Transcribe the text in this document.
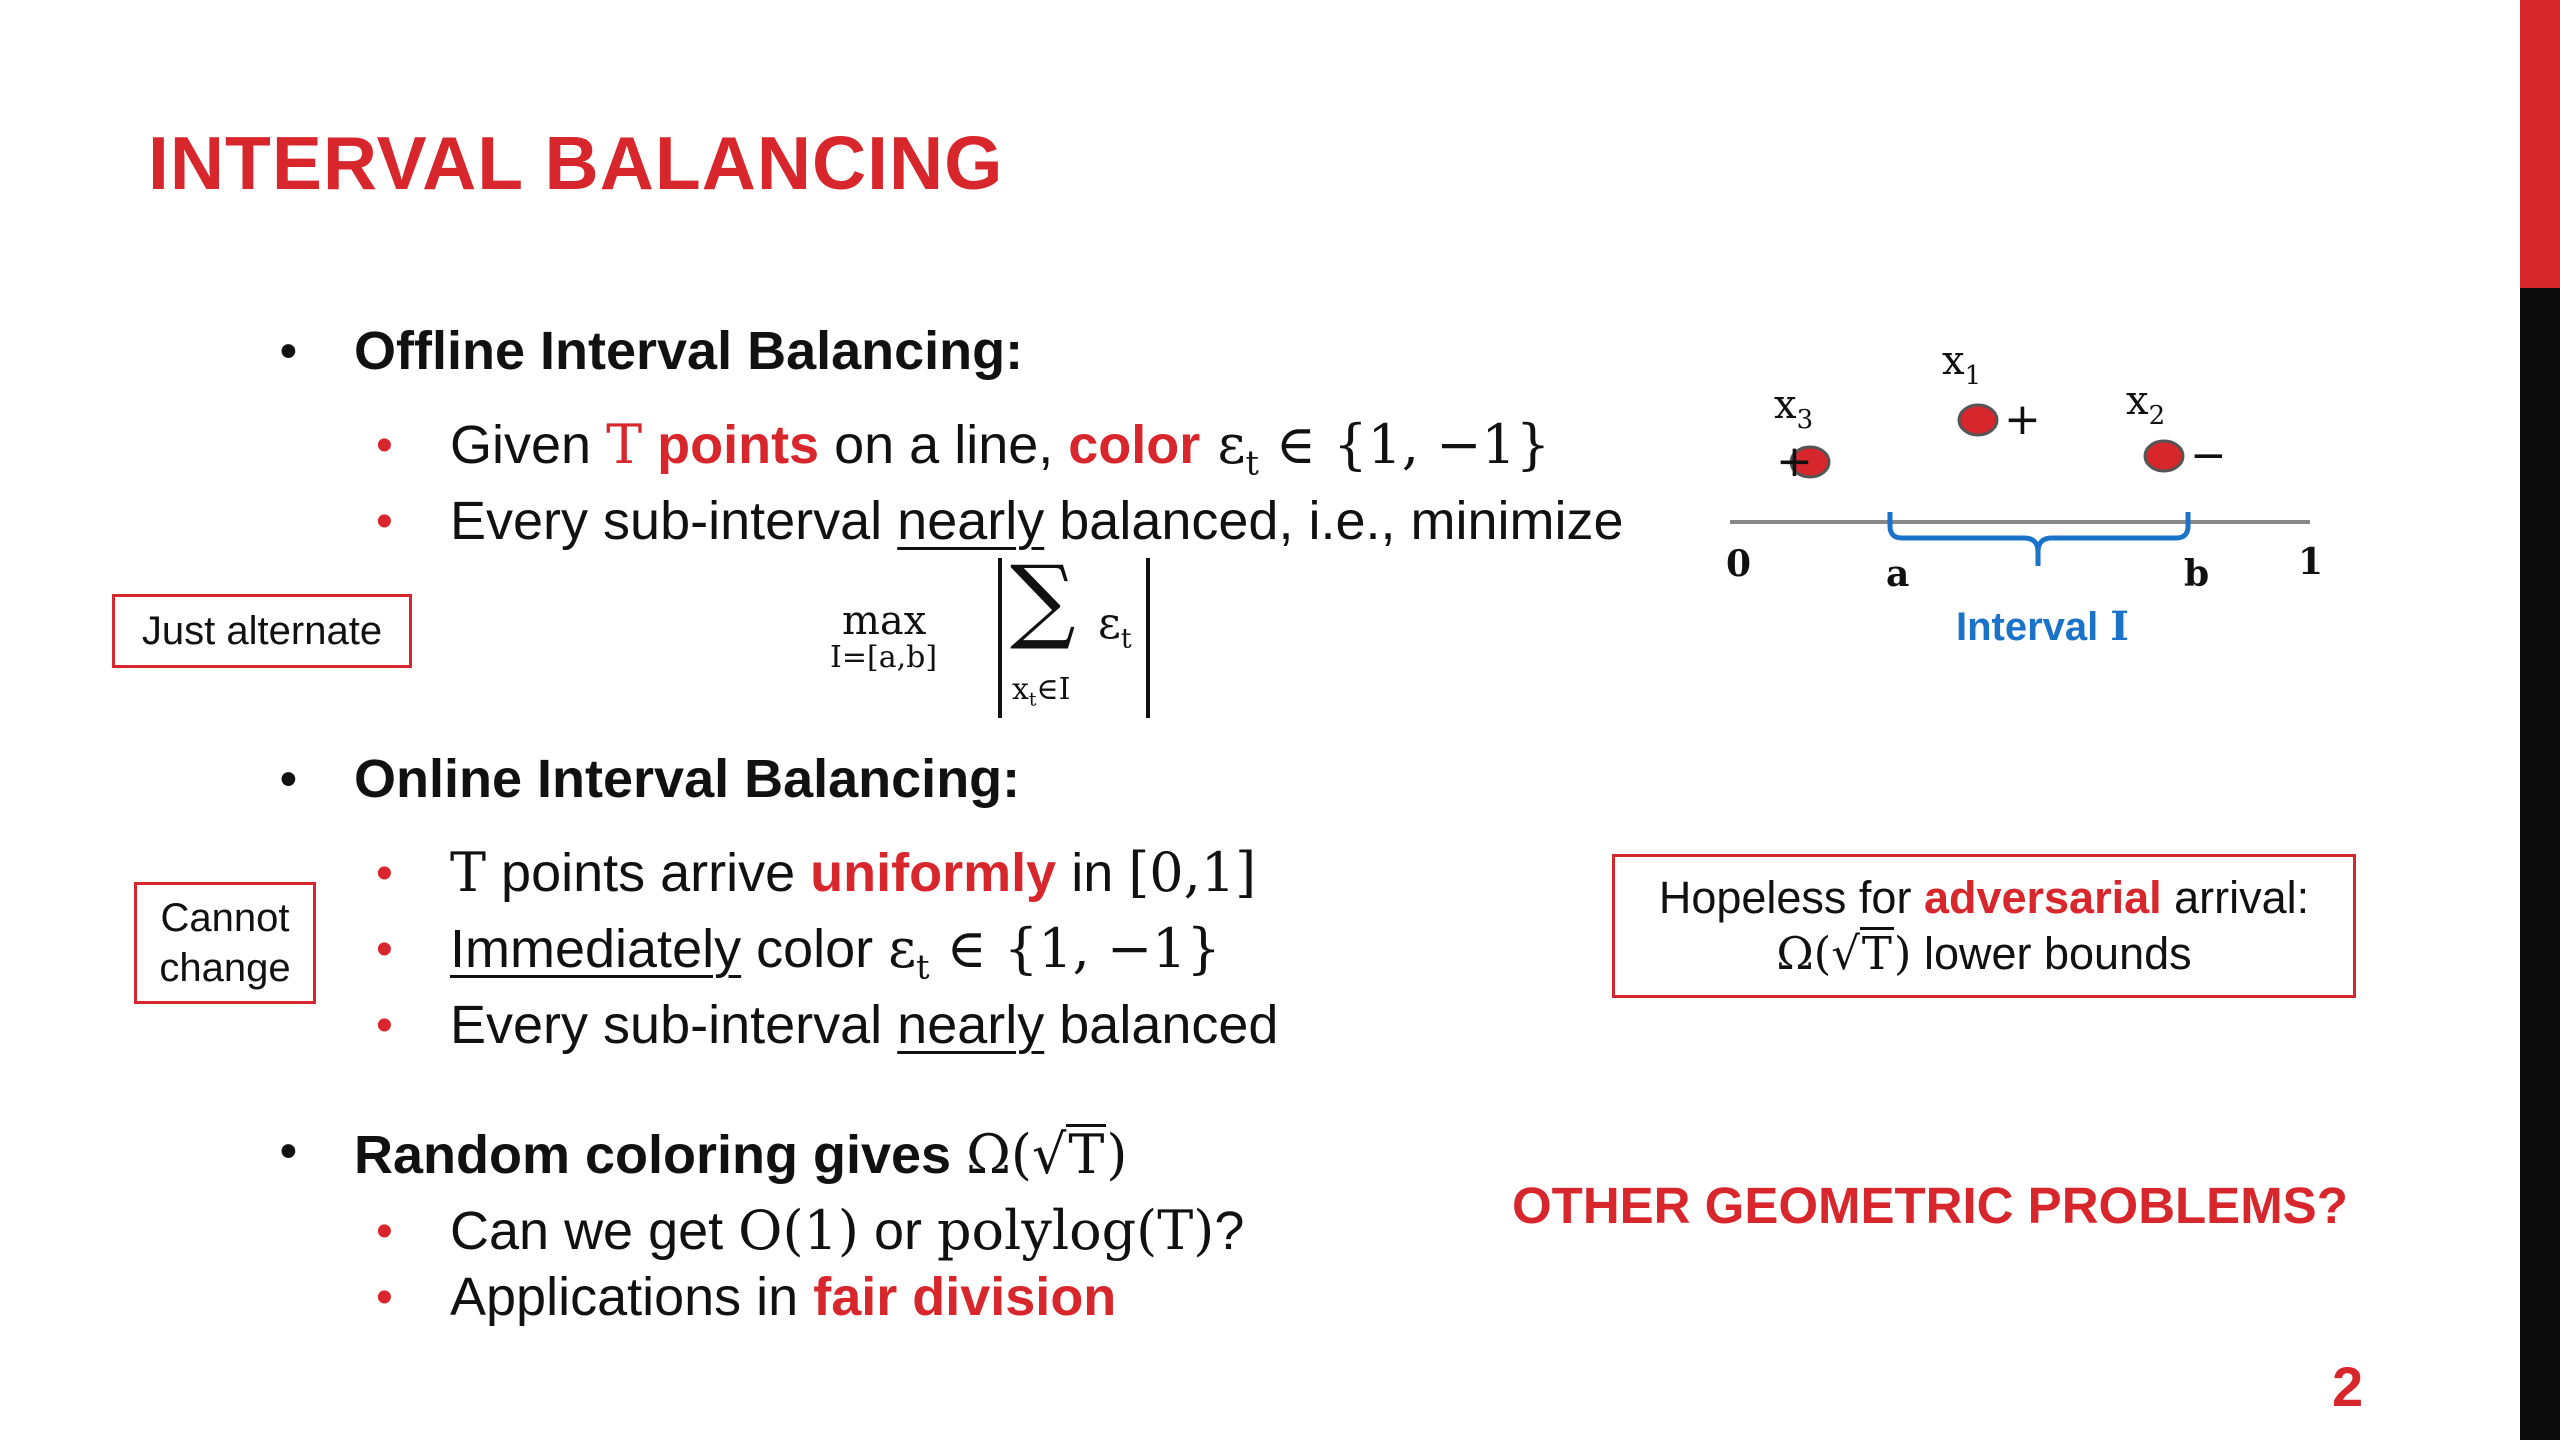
INTERVAL BALANCING
• Offline Interval Balancing:
• Given T points on a line, color $\varepsilon_t$ ∈ {1, −1}
• Every sub-interval nearly balanced, i.e., minimize
max
I=[a,b]
∑
$x_t\in I$
$\varepsilon_t$
Just alternate
• Online Interval Balancing:
• T points arrive uniformly in [0,1]
• Immediately color $\varepsilon_t$ ∈ {1, −1}
• Every sub-interval nearly balanced
Cannot
change
• Random coloring gives Ω(√T)
• Can we get O(1) or polylog(T)?
• Applications in fair division
+
+
−
$x_3$
$x_1$
$x_2$
0	a	b 1
Interval I
Hopeless for adversarial arrival:
Ω(√T) lower bounds
OTHER GEOMETRIC PROBLEMS?
2
